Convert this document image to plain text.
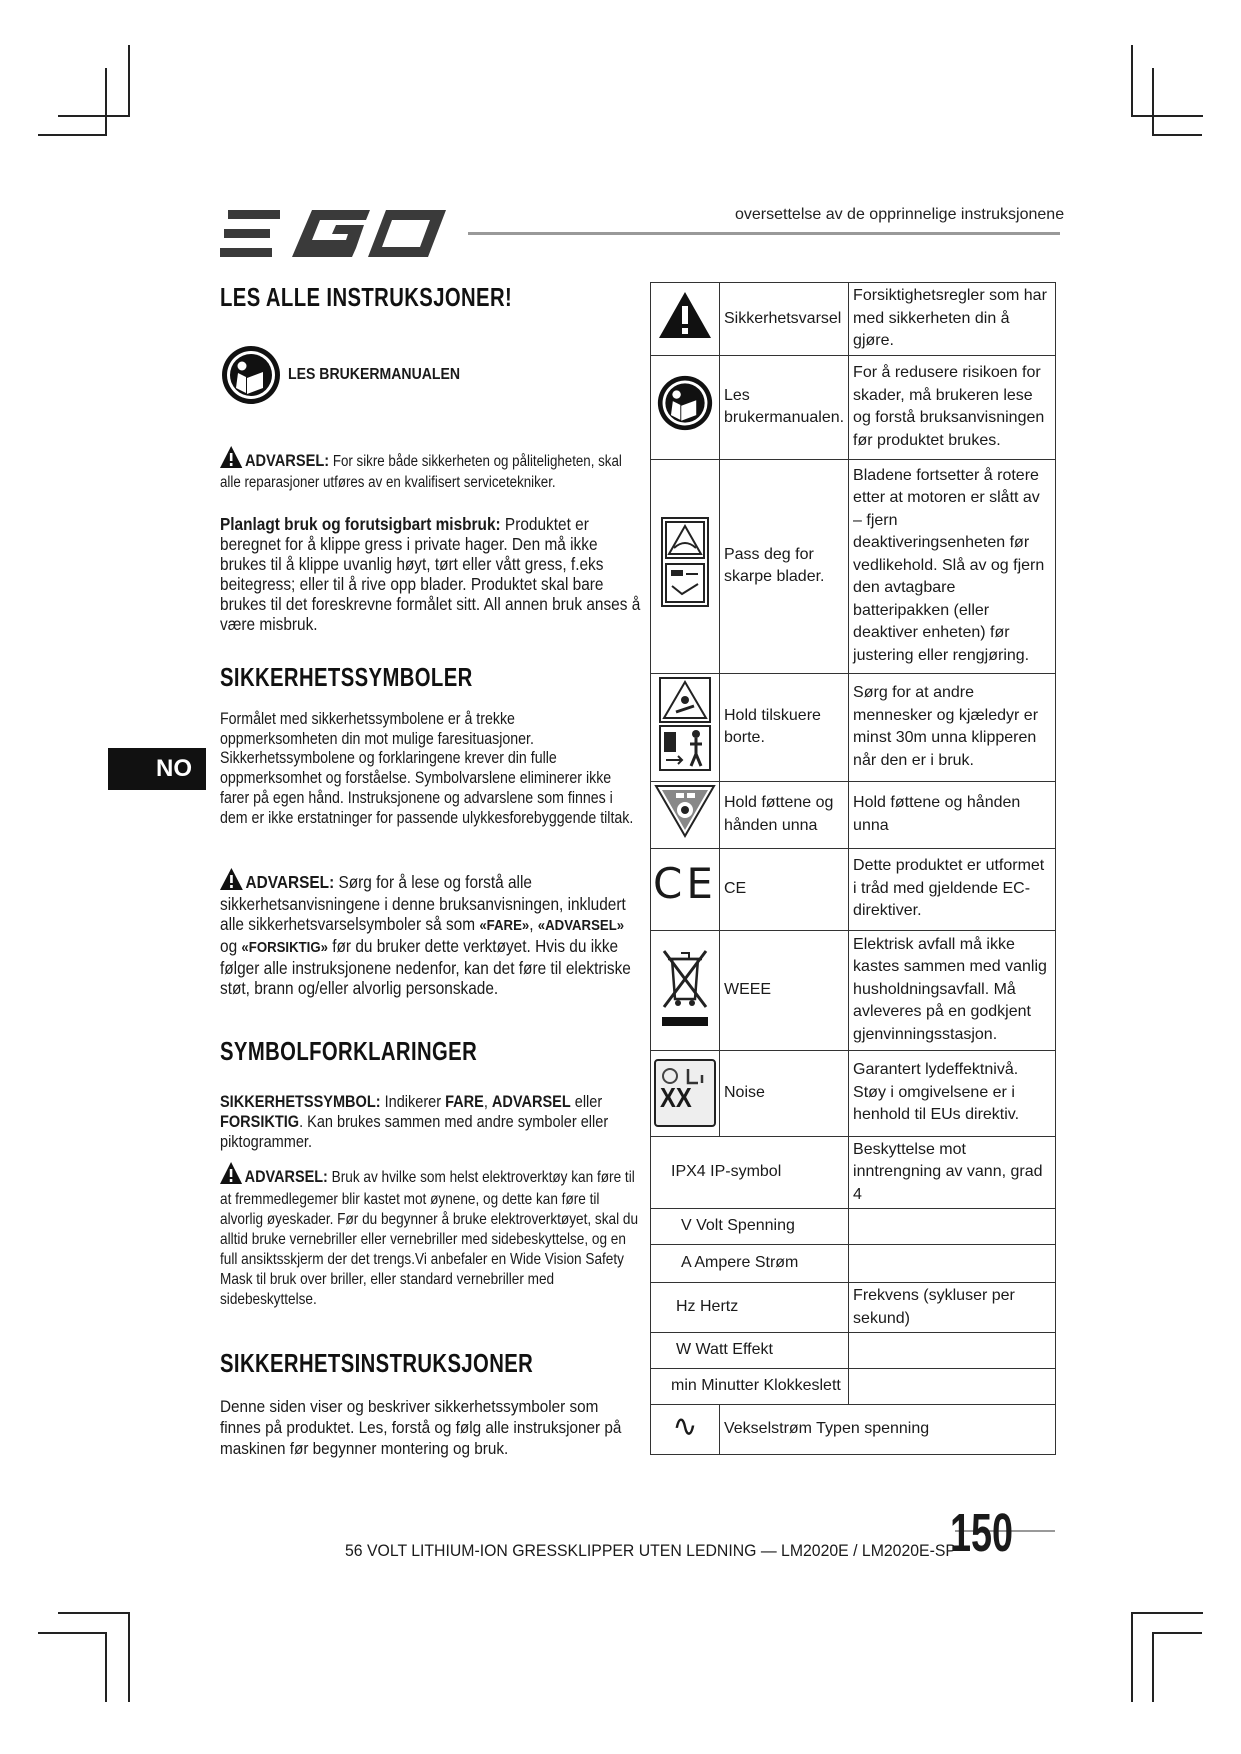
oversettelse av de opprinnelige instruksjonene
LES ALLE INSTRUKSJONER!
LES BRUKERMANUALEN
ADVARSEL: For sikre både sikkerheten og påliteligheten, skal alle reparasjoner utføres av en kvalifisert servicetekniker.
Planlagt bruk og forutsigbart misbruk: Produktet er beregnet for å klippe gress i private hager. Den må ikke brukes til å klippe uvanlig høyt, tørt eller vått gress, f.eks beitegress; eller til å rive opp blader. Produktet skal bare brukes til det foreskrevne formålet sitt. All annen bruk anses å være misbruk.
SIKKERHETSSYMBOLER
Formålet med sikkerhetssymbolene er å trekke oppmerksomheten din mot mulige faresituasjoner. Sikkerhetssymbolene og forklaringene krever din fulle oppmerksomhet og forståelse. Symbolvarslene eliminerer ikke farer på egen hånd. Instruksjonene og advarslene som finnes i dem er ikke erstatninger for passende ulykkesforebyggende tiltak.
NO
ADVARSEL: Sørg for å lese og forstå alle sikkerhetsanvisningene i denne bruksanvisningen, inkludert alle sikkerhetsvarselsymboler så som «FARE», «ADVARSEL» og «FORSIKTIG» før du bruker dette verktøyet. Hvis du ikke følger alle instruksjonene nedenfor, kan det føre til elektriske støt, brann og/eller alvorlig personskade.
SYMBOLFORKLARINGER
SIKKERHETSSYMBOL: Indikerer FARE, ADVARSEL eller FORSIKTIG. Kan brukes sammen med andre symboler eller piktogrammer.
ADVARSEL: Bruk av hvilke som helst elektroverktøy kan føre til at fremmedlegemer blir kastet mot øynene, og dette kan føre til alvorlig øyeskader. Før du begynner å bruke elektroverktøyet, skal du alltid bruke vernebriller eller vernebriller med sidebeskyttelse, og en full ansiktsskjerm der det trengs.Vi anbefaler en Wide Vision Safety Mask til bruk over briller, eller standard vernebriller med sidebeskyttelse.
SIKKERHETSINSTRUKSJONER
Denne siden viser og beskriver sikkerhetssymboler som finnes på produktet. Les, forstå og følg alle instruksjoner på maskinen før begynner montering og bruk.
	Sikkerhetsvarsel	Forsiktighetsregler som har med sikkerheten din å gjøre.
	Les brukermanualen.	For å redusere risikoen for skader, må brukeren lese og forstå bruksanvisningen før produktet brukes.
	Pass deg for skarpe blader.	Bladene fortsetter å rotere etter at motoren er slått av – fjern deaktiveringsenheten før vedlikehold. Slå av og fjern den avtagbare batteripakken (eller deaktiver enheten) før justering eller rengjøring.
	Hold tilskuere borte.	Sørg for at andre mennesker og kjæledyr er minst 30m unna klipperen når den er i bruk.
	Hold føttene og hånden unna	Hold føttene og hånden unna
CE	CE	Dette produktet er utformet i tråd med gjeldende EC-direktiver.
	WEEE	Elektrisk avfall må ikke kastes sammen med vanlig husholdningsavfall. Må avleveres på en godkjent gjenvinningsstasjon.

XX	Noise	Garantert lydeffektnivå. Støy i omgivelsene er i henhold til EUs direktiv.
IPX4 IP-symbol		Beskyttelse mot inntrengning av vann, grad 4
V Volt Spenning		
A Ampere Strøm		
Hz Hertz		Frekvens (sykluser per sekund)
W Watt Effekt		
min Minutter Klokkeslett		
∿	Vekselstrøm Typen spenning	
56 VOLT LITHIUM-ION GRESSKLIPPER UTEN LEDNING — LM2020E / LM2020E-SP
150
